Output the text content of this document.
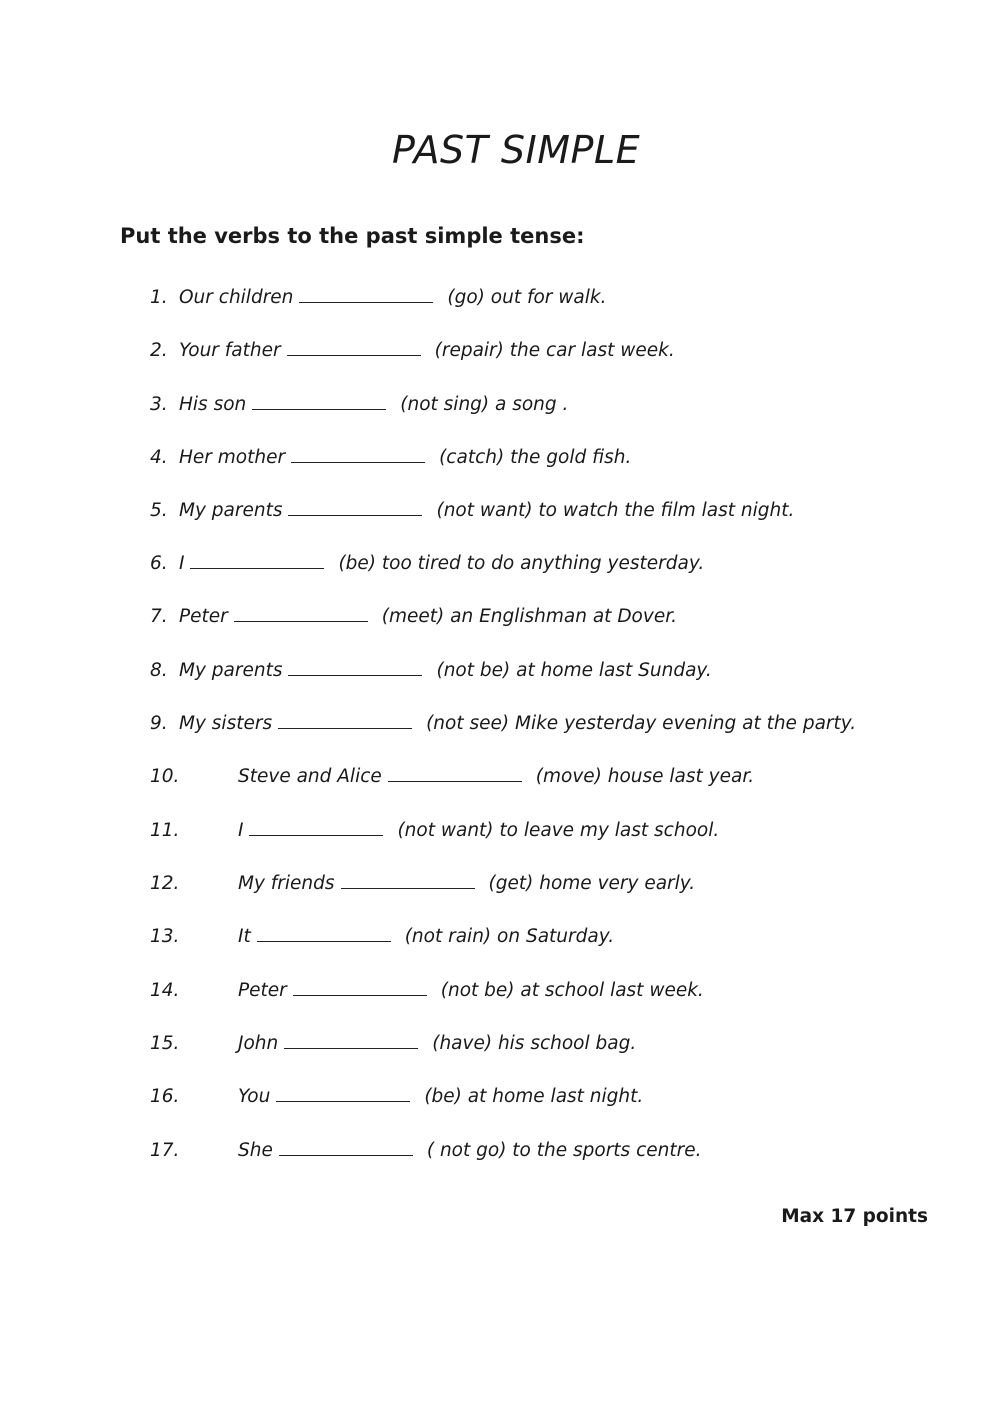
PAST SIMPLE
Put the verbs to the past simple tense:
1. Our children	(go) out for walk.
2. Your father	(repair) the car last week.
3. His son	(not sing) a song .
4. Her mother	(catch) the gold fish.
5. My parents	(not want) to watch the film last night.
6. I	(be) too tired to do anything yesterday.
7. Peter	(meet) an Englishman at Dover.
8. My parents	(not be) at home last Sunday.
9. My sisters	(not see) Mike yesterday evening at the party.
10.	Steve and Alice	(move) house last year.
11.	I	(not want) to leave my last school.
12.	My friends	(get) home very early.
13.	It	(not rain) on Saturday.
14.	Peter	(not be) at school last week.
15.	John	(have) his school bag.
16.	You	(be) at home last night.
17.	She	( not go) to the sports centre.
Max 17 points
